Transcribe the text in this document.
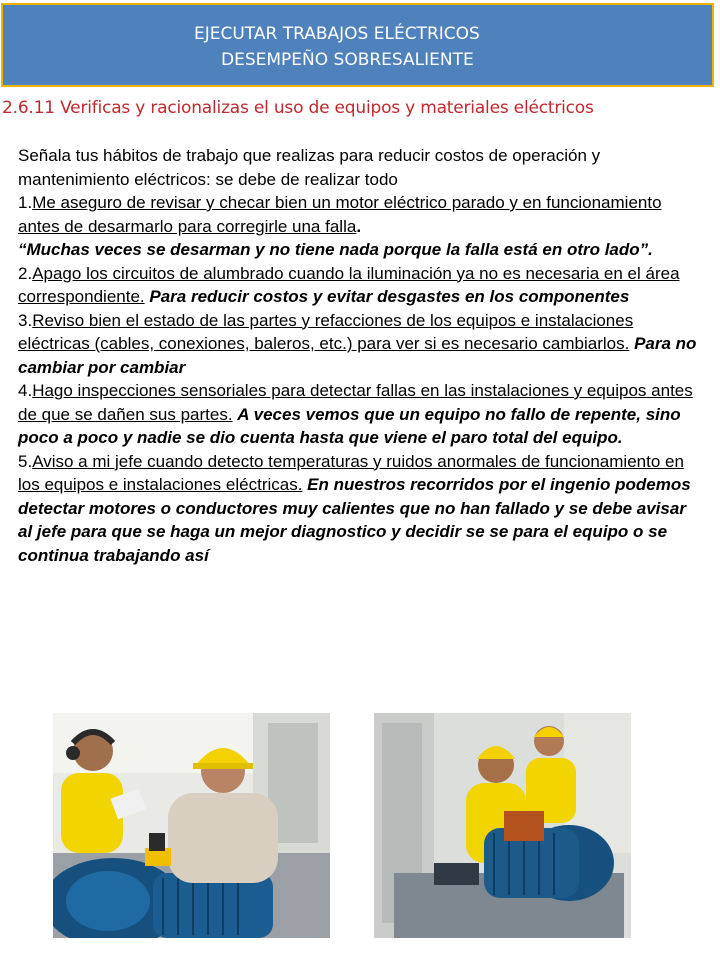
EJECUTAR TRABAJOS ELÉCTRICOS
DESEMPEÑO SOBRESALIENTE
2.6.11 Verificas y racionalizas el uso de equipos y materiales eléctricos

Señala tus hábitos de trabajo que realizas para reducir costos de operación y mantenimiento eléctricos: se debe de realizar todo

1.Me aseguro de revisar y checar bien un motor eléctrico parado y en funcionamiento antes de desarmarlo para corregirle una falla.
“Muchas veces se desarman y no tiene nada porque la falla está en otro lado”.

2.Apago los circuitos de alumbrado cuando la iluminación ya no es necesaria en el área correspondiente. Para reducir costos y evitar desgastes en los componentes

3.Reviso bien el estado de las partes y refacciones de los equipos e instalaciones eléctricas (cables, conexiones, baleros, etc.) para ver si es necesario cambiarlos. Para no cambiar por cambiar

4.Hago inspecciones sensoriales para detectar fallas en las instalaciones y equipos antes de que se dañen sus partes. A veces vemos que un equipo no fallo de repente, sino poco a poco y nadie se dio cuenta hasta que viene el paro total del equipo.

5.Aviso a mi jefe cuando detecto temperaturas y ruidos anormales de funcionamiento en los equipos e instalaciones eléctricas. En nuestros recorridos por el ingenio podemos detectar motores o conductores muy calientes que no han fallado y se debe avisar al jefe para que se haga un mejor diagnostico y decidir se se para el equipo o se continua trabajando así
